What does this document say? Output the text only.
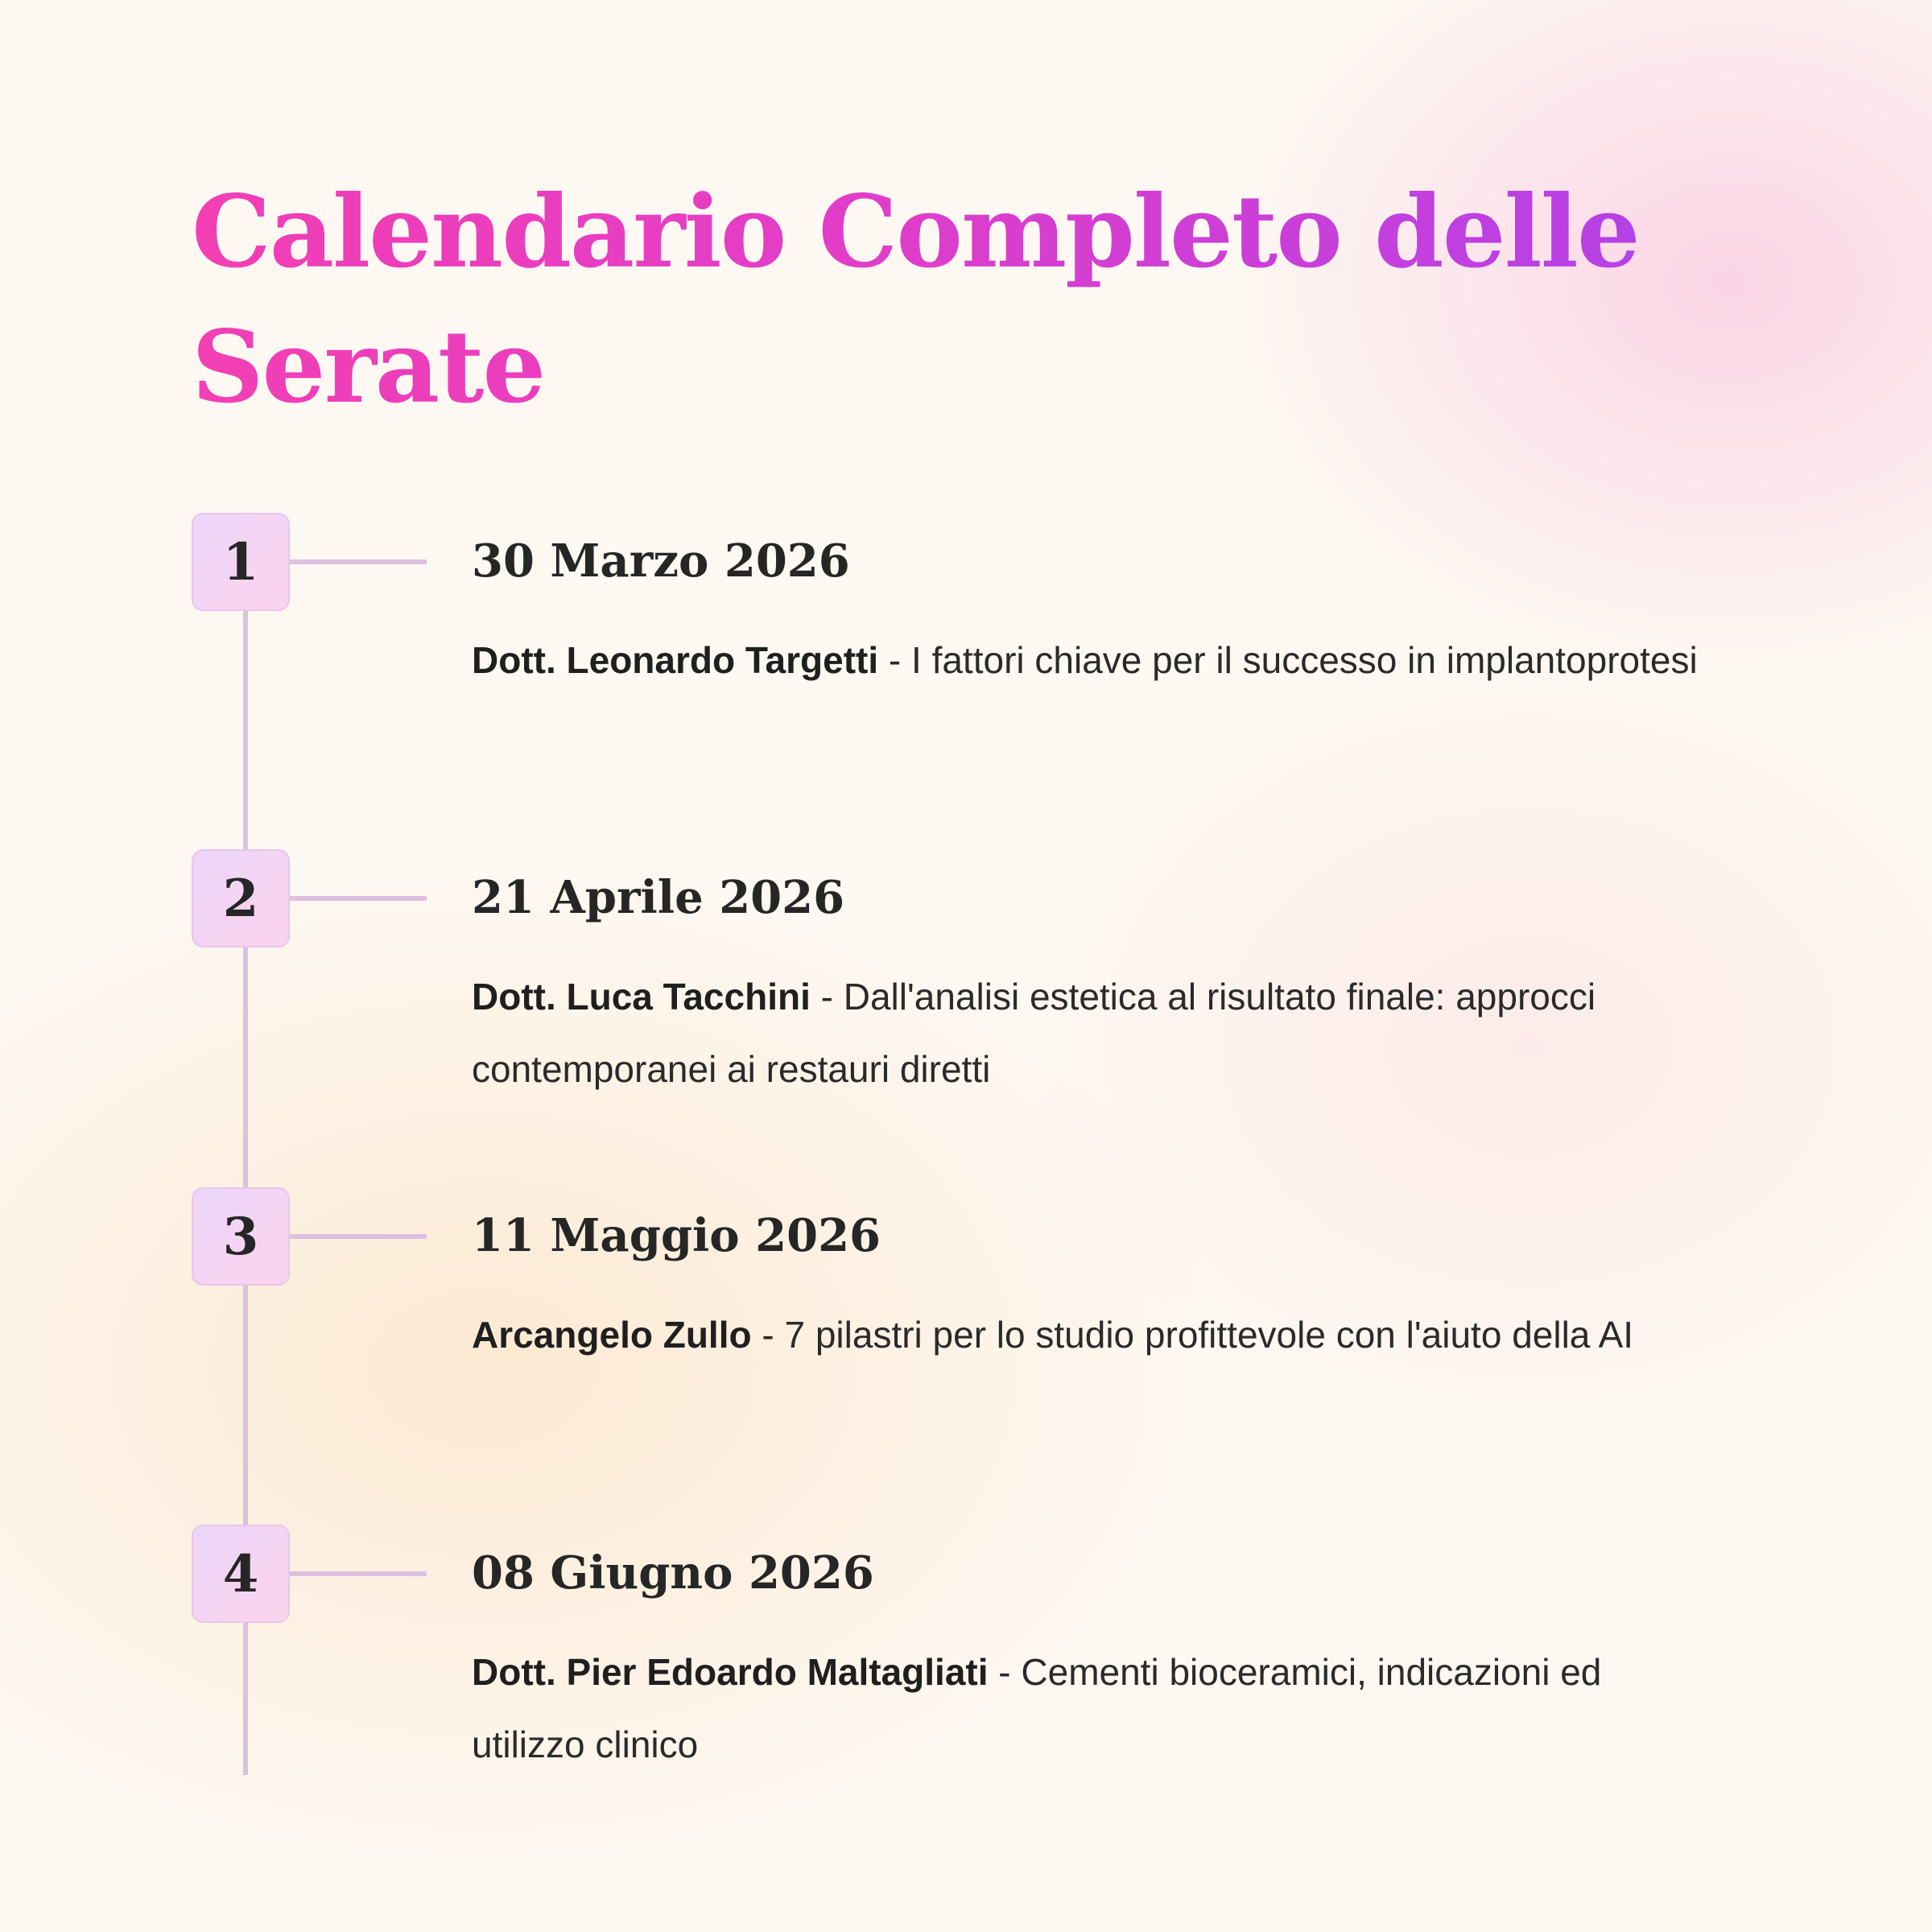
Calendario Completo delle Serate
1	30 Marzo 2026

Dott. Leonardo Targetti - I fattori chiave per il successo in implantoprotesi

2	21 Aprile 2026

Dott. Luca Tacchini - Dall'analisi estetica al risultato finale: approcci contemporanei ai restauri diretti

3	11 Maggio 2026

Arcangelo Zullo - 7 pilastri per lo studio profittevole con l'aiuto della AI

4	08 Giugno 2026

Dott. Pier Edoardo Maltagliati - Cementi bioceramici, indicazioni ed utilizzo clinico
